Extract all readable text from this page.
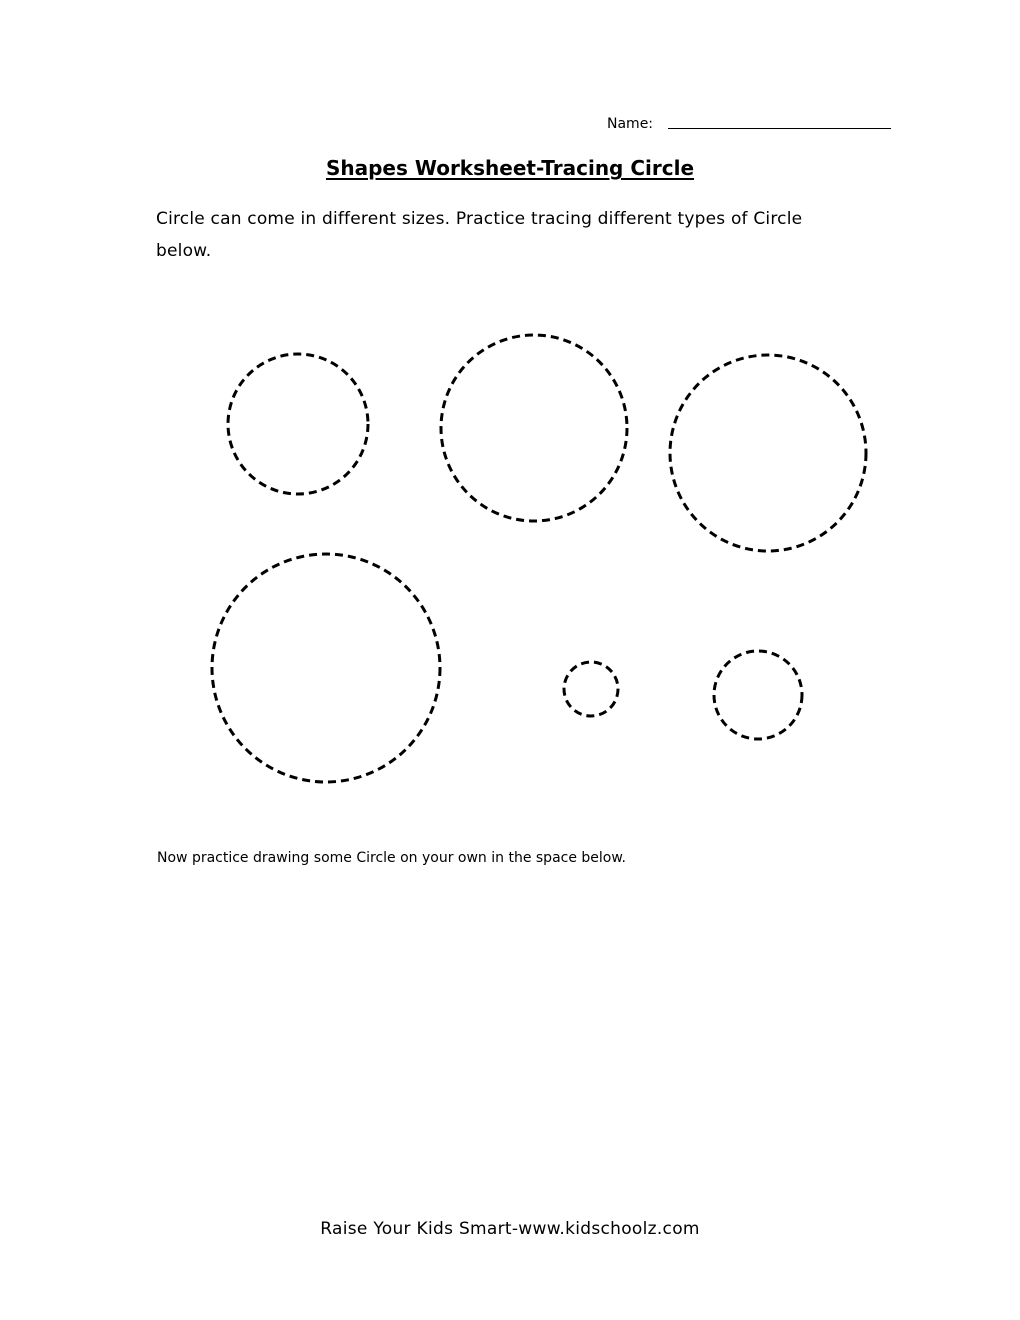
Name:
Shapes Worksheet-Tracing Circle
Circle can come in different sizes. Practice tracing different types of Circle below.
Now practice drawing some Circle on your own in the space below.
Raise Your Kids Smart-www.kidschoolz.com
